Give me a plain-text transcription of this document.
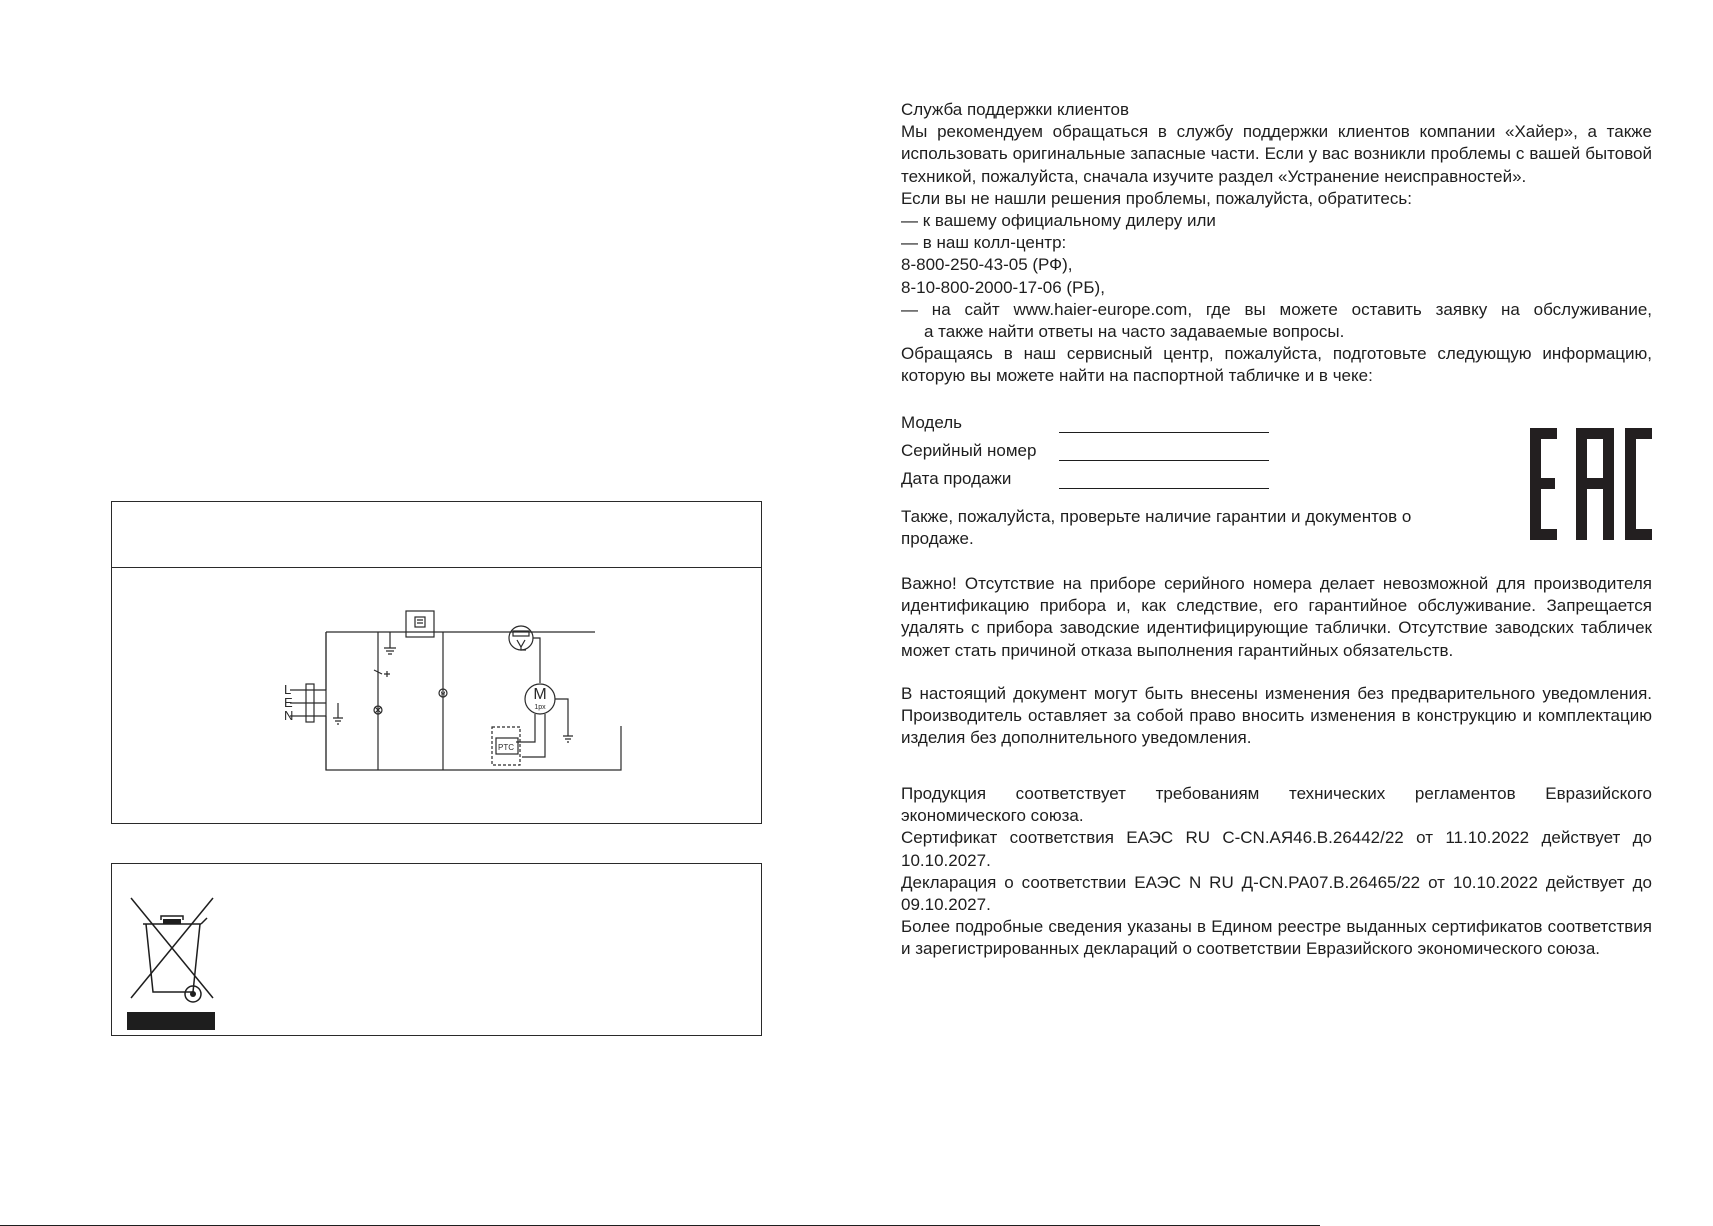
L
E
N
M
1рх
M
PTC

Служба поддержки клиентов

Мы рекомендуем обращаться в службу поддержки клиентов компании «Хайер», а также использовать оригинальные запасные части. Если у вас возникли проблемы с вашей бытовой техникой, пожалуйста, сначала изучите раздел «Устранение неисправностей».

Если вы не нашли решения проблемы, пожалуйста, обратитесь:

— к вашему официальному дилеру или

— в наш колл-центр:

8-800-250-43-05 (РФ),

8-10-800-2000-17-06 (РБ),

— на сайт www.haier-europe.com, где вы можете оставить заявку на обслуживание,

а также найти ответы на часто задаваемые вопросы.

Обращаясь в наш сервисный центр, пожалуйста, подготовьте следующую информацию, которую вы можете найти на паспортной табличке и в чеке:

Модель
Серийный номер
Дата продажи

Также, пожалуйста, проверьте наличие гарантии и документов о продаже.

Важно! Отсутствие на приборе серийного номера делает невозможной для производителя идентификацию прибора и, как следствие, его гарантийное обслуживание. Запрещается удалять с прибора заводские идентифицирующие таблички. Отсутствие заводских табличек может стать причиной отказа выполнения гарантийных обязательств.

В настоящий документ могут быть внесены изменения без предварительного уведомления. Производитель оставляет за собой право вносить изменения в конструкцию и комплектацию изделия без дополнительного уведомления.

Продукция соответствует требованиям технических регламентов Евразийского экономического союза.

Сертификат соответствия ЕАЭС RU С-CN.АЯ46.В.26442/22 от 11.10.2022 действует до 10.10.2027.

Декларация о соответствии ЕАЭС N RU Д-CN.PA07.B.26465/22 от 10.10.2022 действует до 09.10.2027.

Более подробные сведения указаны в Едином реестре выданных сертификатов соответствия и зарегистрированных деклараций о соответствии Евразийского экономического союза.
